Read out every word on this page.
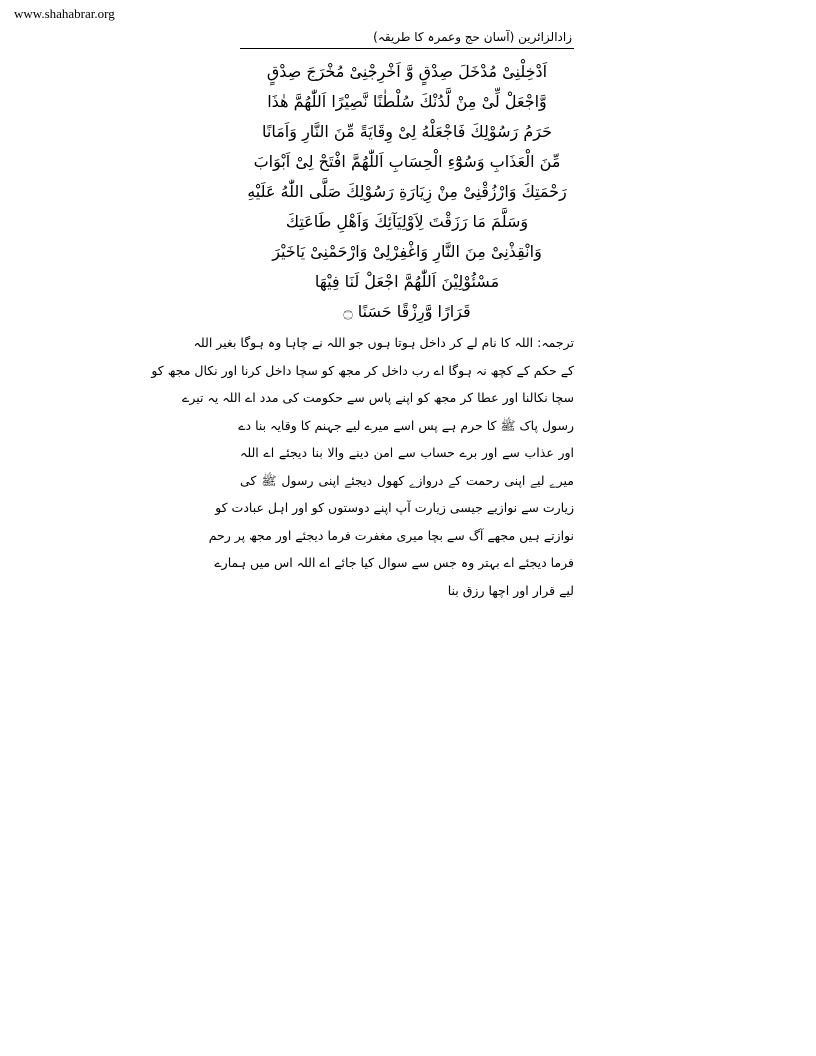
www.shahabrar.org
زادالزائرین (آسان حج وعمرہ کا طریقہ)
اَدْخِلْنِیْ مُدْخَلَ صِدْقٍ وَّ اَخْرِجْنِیْ مُخْرَجَ صِدْقٍ
وَّاجْعَلْ لِّیْ مِنْ لَّدُنْكَ سُلْطٰنًا نَّصِیْرًا اَللّٰهُمَّ هٰذَا
حَرَمُ رَسُوْلِكَ فَاجْعَلْهُ لِیْ وِقَایَةً مِّنَ النَّارِ وَاَمَانًا
مِّنَ الْعَذَابِ وَسُوْٓءِ الْحِسَابِ اَللّٰهُمَّ افْتَحْ لِیْ اَبْوَابَ
رَحْمَتِكَ وَارْزُقْنِیْ مِنْ زِیَارَةِ رَسُوْلِكَ صَلَّی اللّٰهُ عَلَیْهِ
وَسَلَّمَ مَا رَزَقْتَ لِاَوْلِیَآئِكَ وَاَهْلِ طَاعَتِكَ
وَانْقِذْنِیْ مِنَ النَّارِ وَاغْفِرْلِیْ وَارْحَمْنِیْ یَاخَیْرَ
مَسْئُوْلِیْنَ اَللّٰهُمَّ اجْعَلْ لَنَا فِیْهَا
قَرَارًا وَّرِزْقًا حَسَنًا ۝
ترجمہ: اللہ کا نام لے کر داخل ہوتا ہوں جو اللہ نے چاہا وہ ہوگا بغیر اللہ
کے حکم کے کچھ نہ ہوگا اے رب داخل کر مجھ کو سچا داخل کرنا اور نکال مجھ کو
سچا نکالنا اور عطا کر مجھ کو اپنے پاس سے حکومت کی مدد اے اللہ یہ تیرے
رسول پاک ﷺ کا حرم ہے پس اسے میرے لیے جہنم کا وقایہ بنا دے
اور عذاب سے اور برے حساب سے امن دینے والا بنا دیجئے اے اللہ
میرے لیے اپنی رحمت کے دروازے کھول دیجئے اپنی رسول ﷺ کی
زیارت سے نوازیے جیسی زیارت آپ اپنے دوستوں کو اور اہل عبادت کو
نوازتے ہیں مجھے آگ سے بچا میری مغفرت فرما دیجئے اور مجھ پر رحم
فرما دیجئے اے بہتر وہ جس سے سوال کیا جائے اے اللہ اس میں ہمارے
لیے قرار اور اچھا رزق بنا
